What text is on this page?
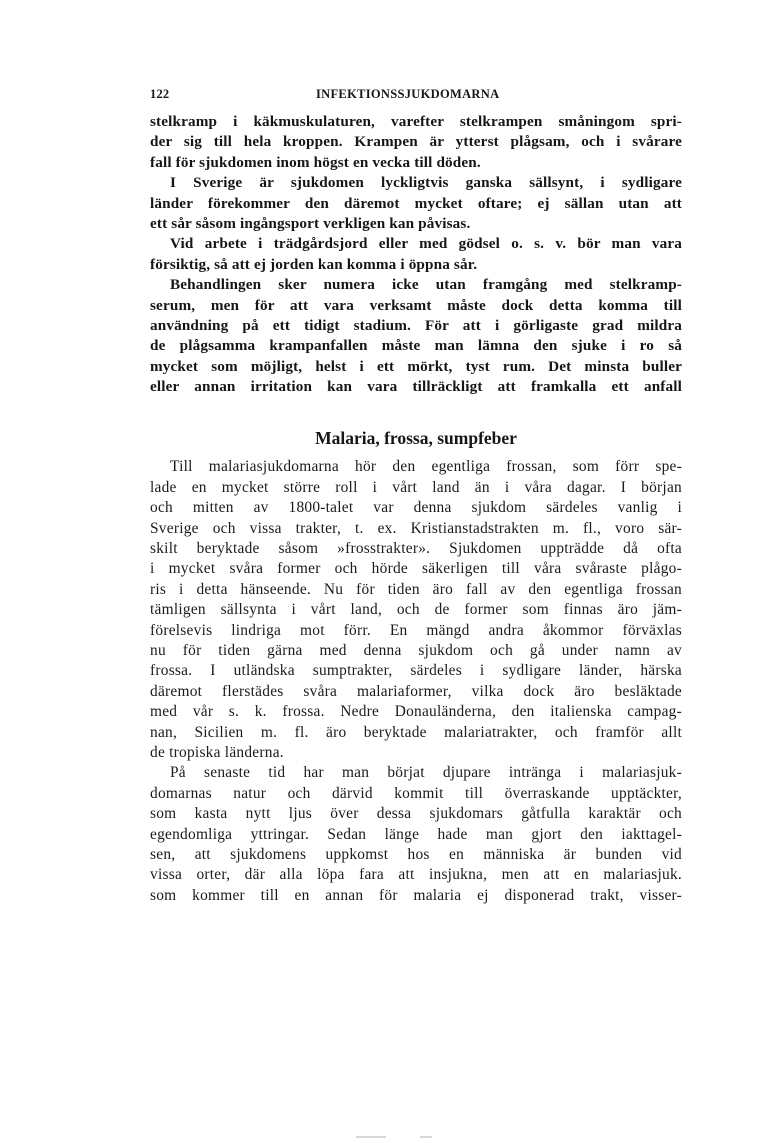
122	INFEKTIONSSJUKDOMARNA
stelkramp i käkmuskulaturen, varefter stelkrampen småningom spri-
der sig till hela kroppen. Krampen är ytterst plågsam, och i svårare
fall för sjukdomen inom högst en vecka till döden.
I Sverige är sjukdomen lyckligtvis ganska sällsynt, i sydligare
länder förekommer den däremot mycket oftare; ej sällan utan att
ett sår såsom ingångsport verkligen kan påvisas.
Vid arbete i trädgårdsjord eller med gödsel o. s. v. bör man vara
försiktig, så att ej jorden kan komma i öppna sår.
Behandlingen sker numera icke utan framgång med stelkramp-
serum, men för att vara verksamt måste dock detta komma till
användning på ett tidigt stadium. För att i görligaste grad mildra
de plågsamma krampanfallen måste man lämna den sjuke i ro så
mycket som möjligt, helst i ett mörkt, tyst rum. Det minsta buller
eller annan irritation kan vara tillräckligt att framkalla ett anfall
Malaria, frossa, sumpfeber
Till malariasjukdomarna hör den egentliga frossan, som förr spe-
lade en mycket större roll i vårt land än i våra dagar. I början
och mitten av 1800-talet var denna sjukdom särdeles vanlig i
Sverige och vissa trakter, t. ex. Kristianstadstrakten m. fl., voro sär-
skilt beryktade såsom »frosstrakter». Sjukdomen uppträdde då ofta
i mycket svåra former och hörde säkerligen till våra svåraste plågo-
ris i detta hänseende. Nu för tiden äro fall av den egentliga frossan
tämligen sällsynta i vårt land, och de former som finnas äro jäm-
förelsevis lindriga mot förr. En mängd andra åkommor förväxlas
nu för tiden gärna med denna sjukdom och gå under namn av
frossa. I utländska sumptrakter, särdeles i sydligare länder, härska
däremot flerstädes svåra malariaformer, vilka dock äro besläktade
med vår s. k. frossa. Nedre Donauländerna, den italienska campag-
nan, Sicilien m. fl. äro beryktade malariatrakter, och framför allt
de tropiska länderna.
På senaste tid har man börjat djupare intränga i malariasjuk-
domarnas natur och därvid kommit till överraskande upptäckter,
som kasta nytt ljus över dessa sjukdomars gåtfulla karaktär och
egendomliga yttringar. Sedan länge hade man gjort den iakttagel-
sen, att sjukdomens uppkomst hos en människa är bunden vid
vissa orter, där alla löpa fara att insjukna, men att en malariasjuk.
som kommer till en annan för malaria ej disponerad trakt, visser-
